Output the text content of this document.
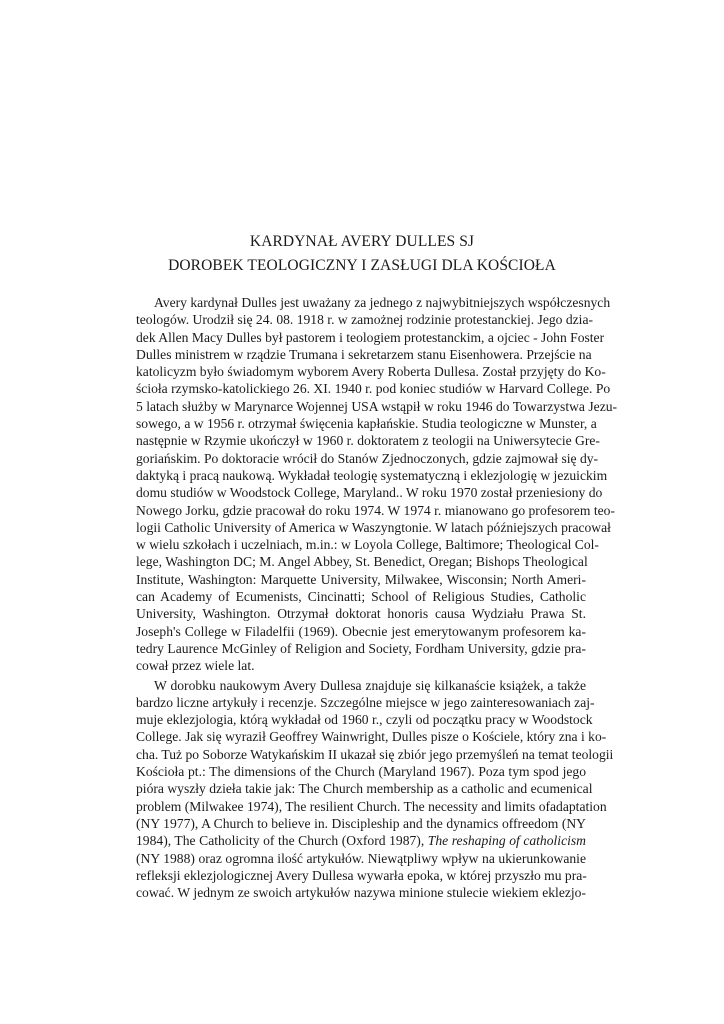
KARDYNAŁ AVERY DULLES SJ
DOROBEK TEOLOGICZNY I ZASŁUGI DLA KOŚCIOŁA
Avery kardynał Dulles jest uważany za jednego z najwybitniejszych współczesnych
teologów. Urodził się 24. 08. 1918 r. w zamożnej rodzinie protestanckiej. Jego dzia-
dek Allen Macy Dulles był pastorem i teologiem protestanckim, a ojciec - John Foster
Dulles ministrem w rządzie Trumana i sekretarzem stanu Eisenhowera. Przejście na
katolicyzm było świadomym wyborem Avery Roberta Dullesa. Został przyjęty do Ko-
ścioła rzymsko-katolickiego 26. XI. 1940 r. pod koniec studiów w Harvard College. Po
5 latach służby w Marynarce Wojennej USA wstąpił w roku 1946 do Towarzystwa Jezu-
sowego, a w 1956 r. otrzymał święcenia kapłańskie. Studia teologiczne w Munster, a
następnie w Rzymie ukończył w 1960 r. doktoratem z teologii na Uniwersytecie Gre-
goriańskim. Po doktoracie wrócił do Stanów Zjednoczonych, gdzie zajmował się dy-
daktyką i pracą naukową. Wykładał teologię systematyczną i eklezjologię w jezuickim
domu studiów w Woodstock College, Maryland.. W roku 1970 został przeniesiony do
Nowego Jorku, gdzie pracował do roku 1974. W 1974 r. mianowano go profesorem teo-
logii Catholic University of America w Waszyngtonie. W latach późniejszych pracował
w wielu szkołach i uczelniach, m.in.: w Loyola College, Baltimore; Theological Col-
lege, Washington DC; M. Angel Abbey, St. Benedict, Oregan; Bishops Theological
Institute, Washington: Marquette University, Milwakee, Wisconsin; North Ameri-
can Academy of Ecumenists, Cincinatti; School of Religious Studies, Catholic
University, Washington. Otrzymał doktorat honoris causa Wydziału Prawa St.
Joseph's College w Filadelfii (1969). Obecnie jest emerytowanym profesorem ka-
tedry Laurence McGinley of Religion and Society, Fordham University, gdzie pra-
cował przez wiele lat.
W dorobku naukowym Avery Dullesa znajduje się kilkanaście książek, a także
bardzo liczne artykuły i recenzje. Szczególne miejsce w jego zainteresowaniach zaj-
muje eklezjologia, którą wykładał od 1960 r., czyli od początku pracy w Woodstock
College. Jak się wyraził Geoffrey Wainwright, Dulles pisze o Kościele, który zna i ko-
cha. Tuż po Soborze Watykańskim II ukazał się zbiór jego przemyśleń na temat teologii
Kościoła pt.: The dimensions of the Church (Maryland 1967). Poza tym spod jego
pióra wyszły dzieła takie jak: The Church membership as a catholic and ecumenical
problem (Milwakee 1974), The resilient Church. The necessity and limits ofadaptation
(NY 1977), A Church to believe in. Discipleship and the dynamics offreedom (NY
1984), The Catholicity of the Church (Oxford 1987), The reshaping of catholicism
(NY 1988) oraz ogromna ilość artykułów. Niewątpliwy wpływ na ukierunkowanie
refleksji eklezjologicznej Avery Dullesa wywarła epoka, w której przyszło mu pra-
cować. W jednym ze swoich artykułów nazywa minione stulecie wiekiem eklezjo-
